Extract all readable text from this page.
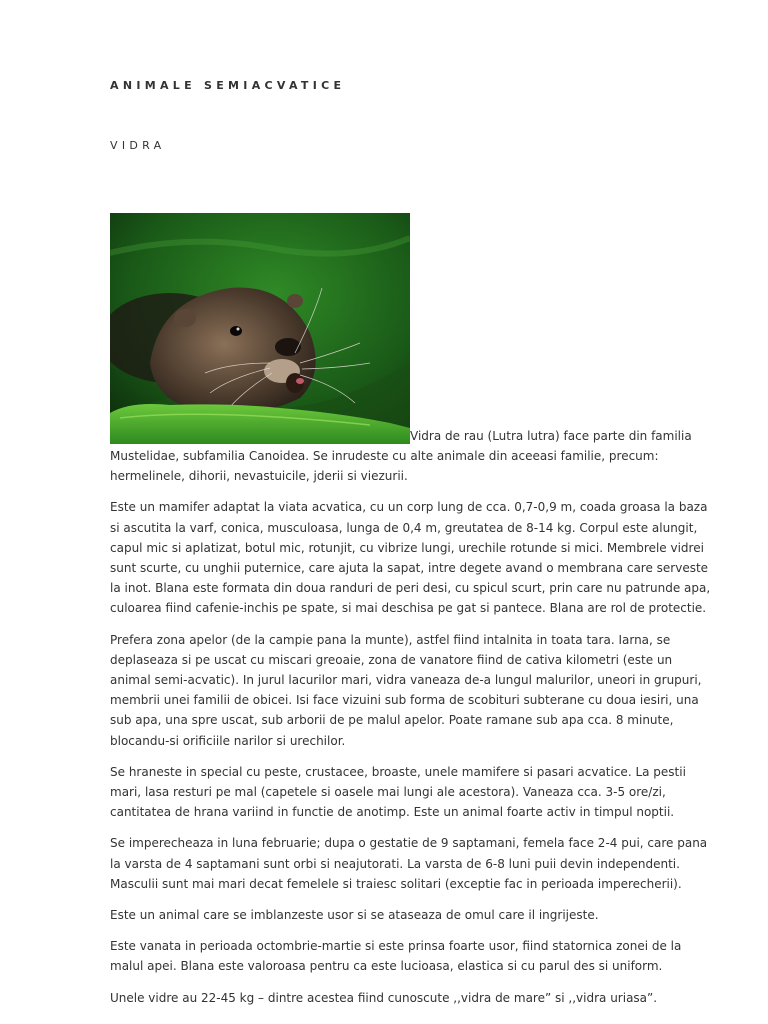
ANIMALE SEMIACVATICE
VIDRA

Vidra de rau (Lutra lutra) face parte din familia Mustelidae, subfamilia Canoidea. Se inrudeste cu alte animale din aceeasi familie, precum: hermelinele, dihorii, nevastuicile, jderii si viezurii.

Este un mamifer adaptat la viata acvatica, cu un corp lung de cca. 0,7-0,9 m, coada groasa la baza si ascutita la varf, conica, musculoasa, lunga de 0,4 m, greutatea de 8-14 kg. Corpul este alungit, capul mic si aplatizat, botul mic, rotunjit, cu vibrize lungi, urechile rotunde si mici. Membrele vidrei sunt scurte, cu unghii puternice, care ajuta la sapat, intre degete avand o membrana care serveste la inot. Blana este formata din doua randuri de peri desi, cu spicul scurt, prin care nu patrunde apa, culoarea fiind cafenie-inchis pe spate, si mai deschisa pe gat si pantece. Blana are rol de protectie.

Prefera zona apelor (de la campie pana la munte), astfel fiind intalnita in toata tara. Iarna, se deplaseaza si pe uscat cu miscari greoaie, zona de vanatore fiind de cativa kilometri (este un animal semi-acvatic). In jurul lacurilor mari, vidra vaneaza de-a lungul malurilor, uneori in grupuri, membrii unei familii de obicei. Isi face vizuini sub forma de scobituri subterane cu doua iesiri, una sub apa, una spre uscat, sub arborii de pe malul apelor. Poate ramane sub apa cca. 8 minute, blocandu-si orificiile narilor si urechilor.

Se hraneste in special cu peste, crustacee, broaste, unele mamifere si pasari acvatice. La pestii mari, lasa resturi pe mal (capetele si oasele mai lungi ale acestora). Vaneaza cca. 3-5 ore/zi, cantitatea de hrana variind in functie de anotimp. Este un animal foarte activ in timpul noptii.

Se imperecheaza in luna februarie; dupa o gestatie de 9 saptamani, femela face 2-4 pui, care pana la varsta de 4 saptamani sunt orbi si neajutorati. La varsta de 6-8 luni puii devin independenti. Masculii sunt mai mari decat femelele si traiesc solitari (exceptie fac in perioada imperecherii).

Este un animal care se imblanzeste usor si se ataseaza de omul care il ingrijeste.

Este vanata in perioada octombrie-martie si este prinsa foarte usor, fiind statornica zonei de la malul apei. Blana este valoroasa pentru ca este lucioasa, elastica si cu parul des si uniform.

Unele vidre au 22-45 kg – dintre acestea fiind cunoscute ,,vidra de mare” si ,,vidra uriasa”.
